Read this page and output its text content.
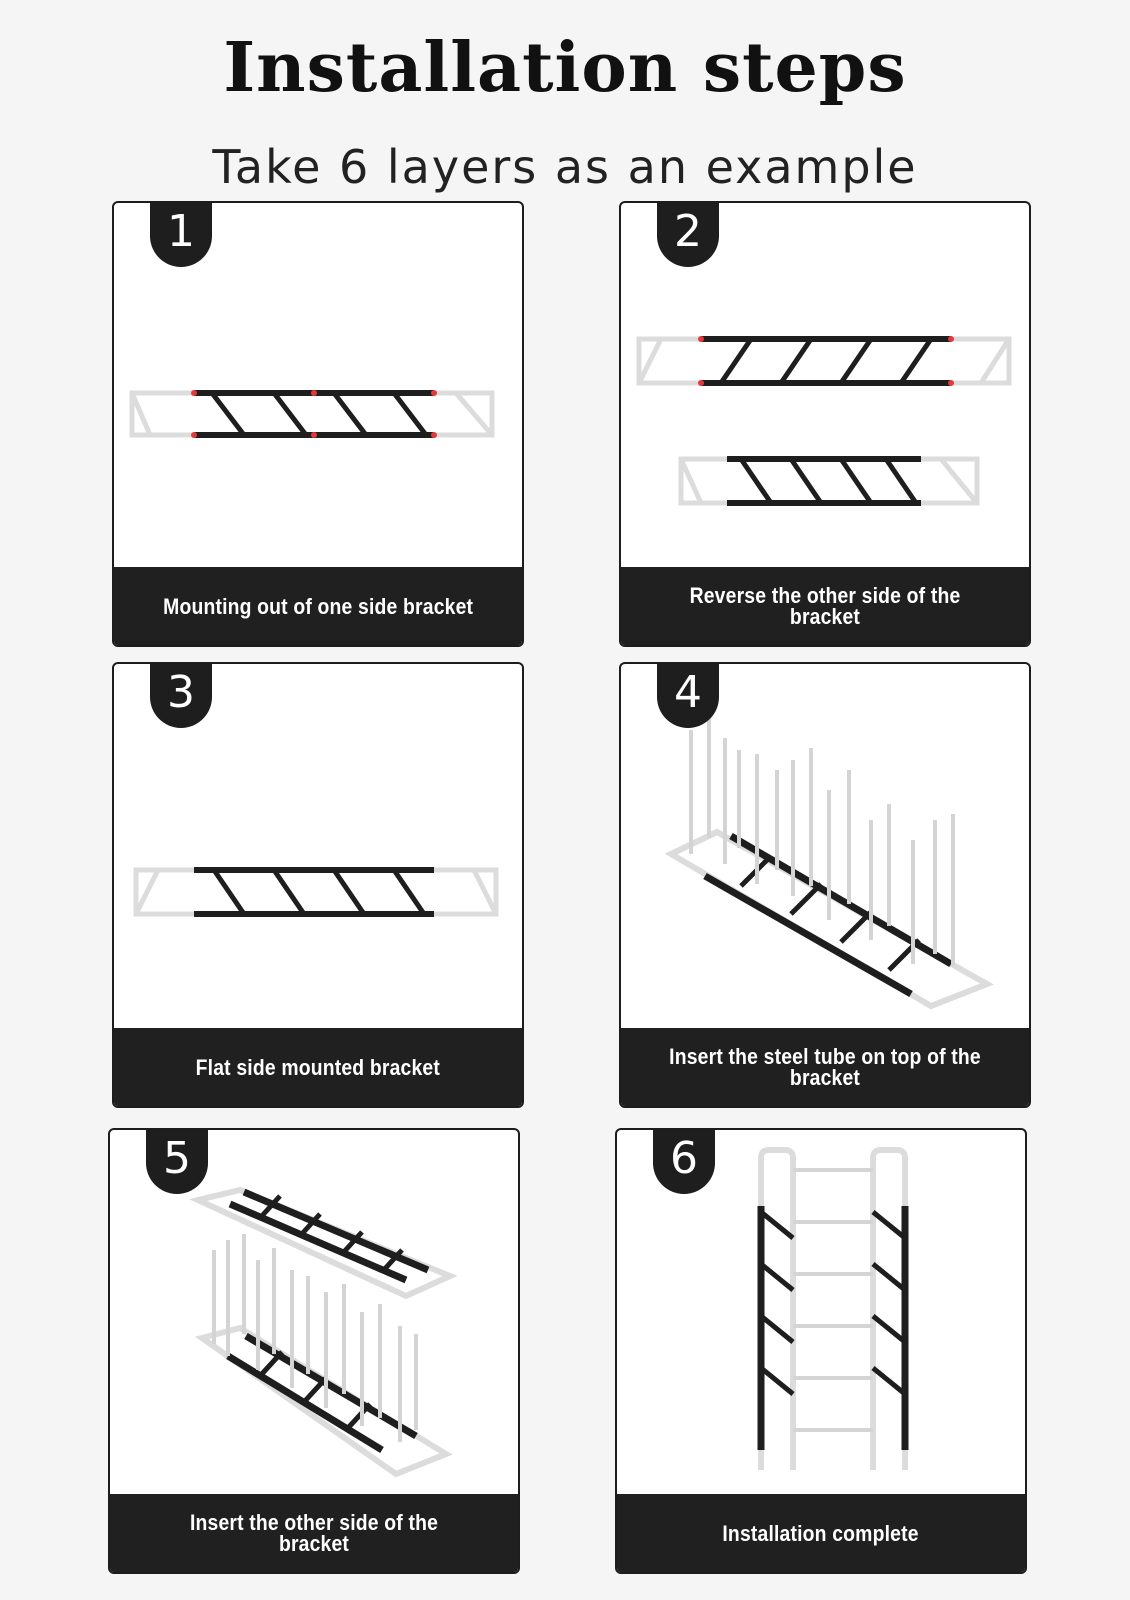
Installation steps
Take 6 layers as an example
1
Mounting out of one side bracket
2
Reverse the other side of the bracket
3
Flat side mounted bracket
4
Insert the steel tube on top of the bracket
5
Insert the other side of the bracket
6
Installation complete
